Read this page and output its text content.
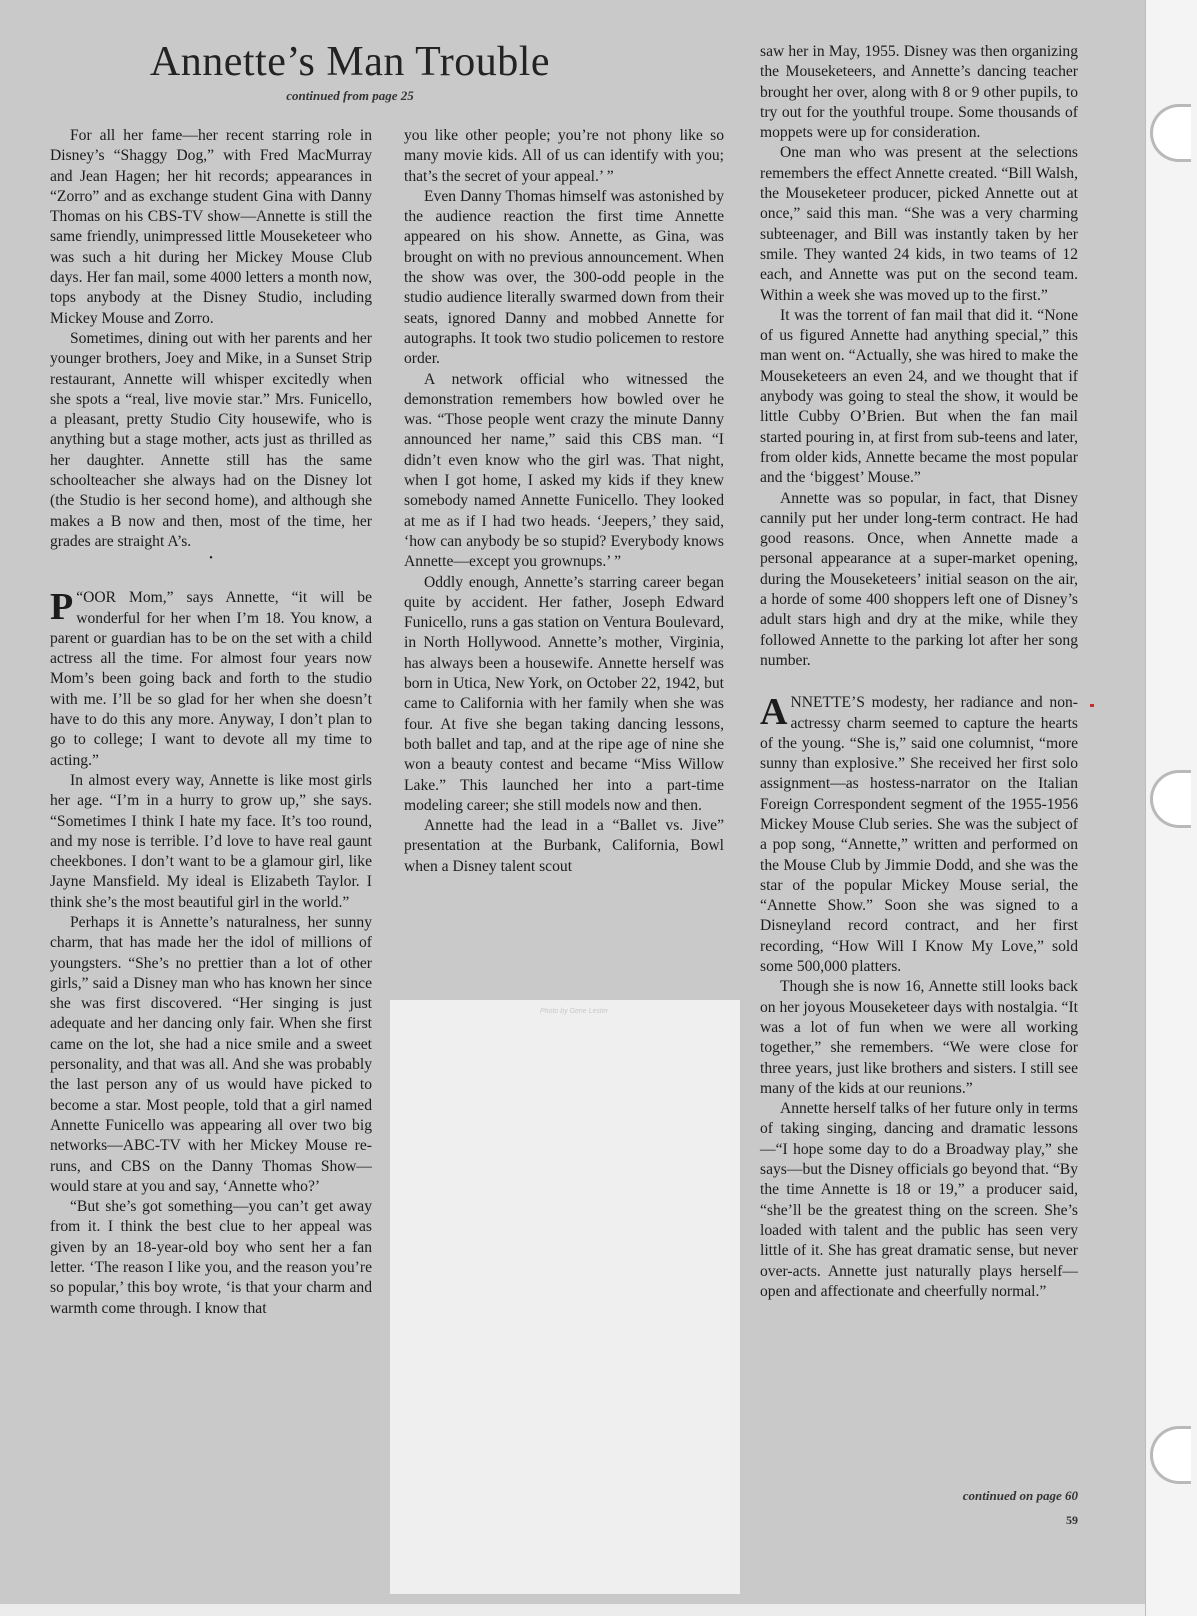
Annette’s Man Trouble
continued from page 25

For all her fame—her recent starring role in Disney’s “Shaggy Dog,” with Fred MacMurray and Jean Hagen; her hit records; appearances in “Zorro” and as exchange student Gina with Danny Thomas on his CBS-TV show—Annette is still the same friendly, unimpressed little Mouseketeer who was such a hit during her Mickey Mouse Club days. Her fan mail, some 4000 letters a month now, tops anybody at the Disney Studio, including Mickey Mouse and Zorro.

Sometimes, dining out with her parents and her younger brothers, Joey and Mike, in a Sunset Strip restaurant, Annette will whisper excitedly when she spots a “real, live movie star.” Mrs. Funicello, a pleasant, pretty Studio City housewife, who is anything but a stage mother, acts just as thrilled as her daughter. Annette still has the same schoolteacher she always had on the Disney lot (the Studio is her second home), and although she makes a B now and then, most of the time, her grades are straight A’s.

•

“
P OOR Mom,” says Annette, “it will be wonderful for her when I’m 18. You know, a parent or guardian has to be on the set with a child actress all the time. For almost four years now Mom’s been going back and forth to the studio with me. I’ll be so glad for her when she doesn’t have to do this any more. Anyway, I don’t plan to go to college; I want to devote all my time to acting.”

In almost every way, Annette is like most girls her age. “I’m in a hurry to grow up,” she says. “Sometimes I think I hate my face. It’s too round, and my nose is terrible. I’d love to have real gaunt cheekbones. I don’t want to be a glamour girl, like Jayne Mansfield. My ideal is Elizabeth Taylor. I think she’s the most beautiful girl in the world.”

Perhaps it is Annette’s naturalness, her sunny charm, that has made her the idol of millions of youngsters. “She’s no prettier than a lot of other girls,” said a Disney man who has known her since she was first discovered. “Her singing is just adequate and her dancing only fair. When she first came on the lot, she had a nice smile and a sweet personality, and that was all. And she was probably the last person any of us would have picked to become a star. Most people, told that a girl named Annette Funicello was appearing all over two big networks—ABC-TV with her Mickey Mouse re-runs, and CBS on the Danny Thomas Show—would stare at you and say, ‘Annette who?’

“But she’s got something—you can’t get away from it. I think the best clue to her appeal was given by an 18-year-old boy who sent her a fan letter. ‘The reason I like you, and the reason you’re so popular,’ this boy wrote, ‘is that your charm and warmth come through. I know that

you like other people; you’re not phony like so many movie kids. All of us can identify with you; that’s the secret of your appeal.’ ”

Even Danny Thomas himself was astonished by the audience reaction the first time Annette appeared on his show. Annette, as Gina, was brought on with no previous announcement. When the show was over, the 300-odd people in the studio audience literally swarmed down from their seats, ignored Danny and mobbed Annette for autographs. It took two studio policemen to restore order.

A network official who witnessed the demonstration remembers how bowled over he was. “Those people went crazy the minute Danny announced her name,” said this CBS man. “I didn’t even know who the girl was. That night, when I got home, I asked my kids if they knew somebody named Annette Funicello. They looked at me as if I had two heads. ‘Jeepers,’ they said, ‘how can anybody be so stupid? Everybody knows Annette—except you grownups.’ ”

Oddly enough, Annette’s starring career began quite by accident. Her father, Joseph Edward Funicello, runs a gas station on Ventura Boulevard, in North Hollywood. Annette’s mother, Virginia, has always been a housewife. Annette herself was born in Utica, New York, on October 22, 1942, but came to California with her family when she was four. At five she began taking dancing lessons, both ballet and tap, and at the ripe age of nine she won a beauty contest and became “Miss Willow Lake.” This launched her into a part-time modeling career; she still models now and then.

Annette had the lead in a “Ballet vs. Jive” presentation at the Burbank, California, Bowl when a Disney talent scout

Photo by Gene Lester

saw her in May, 1955. Disney was then organizing the Mouseketeers, and Annette’s dancing teacher brought her over, along with 8 or 9 other pupils, to try out for the youthful troupe. Some thousands of moppets were up for consideration.

One man who was present at the selections remembers the effect Annette created. “Bill Walsh, the Mouseketeer producer, picked Annette out at once,” said this man. “She was a very charming subteenager, and Bill was instantly taken by her smile. They wanted 24 kids, in two teams of 12 each, and Annette was put on the second team. Within a week she was moved up to the first.”

It was the torrent of fan mail that did it. “None of us figured Annette had anything special,” this man went on. “Actually, she was hired to make the Mouseketeers an even 24, and we thought that if anybody was going to steal the show, it would be little Cubby O’Brien. But when the fan mail started pouring in, at first from sub-teens and later, from older kids, Annette became the most popular and the ‘biggest’ Mouse.”

Annette was so popular, in fact, that Disney cannily put her under long-term contract. He had good reasons. Once, when Annette made a personal appearance at a super-market opening, during the Mouseketeers’ initial season on the air, a horde of some 400 shoppers left one of Disney’s adult stars high and dry at the mike, while they followed Annette to the parking lot after her song number.

ANNETTE’S modesty, her radiance and non-actressy charm seemed to capture the hearts of the young. “She is,” said one columnist, “more sunny than explosive.” She received her first solo assignment—as hostess-narrator on the Italian Foreign Correspondent segment of the 1955-1956 Mickey Mouse Club series. She was the subject of a pop song, “Annette,” written and performed on the Mouse Club by Jimmie Dodd, and she was the star of the popular Mickey Mouse serial, the “Annette Show.” Soon she was signed to a Disneyland record contract, and her first recording, “How Will I Know My Love,” sold some 500,000 platters.

Though she is now 16, Annette still looks back on her joyous Mouseketeer days with nostalgia. “It was a lot of fun when we were all working together,” she remembers. “We were close for three years, just like brothers and sisters. I still see many of the kids at our reunions.”

Annette herself talks of her future only in terms of taking singing, dancing and dramatic lessons—“I hope some day to do a Broadway play,” she says—but the Disney officials go beyond that. “By the time Annette is 18 or 19,” a producer said, “she’ll be the greatest thing on the screen. She’s loaded with talent and the public has seen very little of it. She has great dramatic sense, but never over-acts. Annette just naturally plays herself—open and affectionate and cheerfully normal.”

continued on page 60
59
